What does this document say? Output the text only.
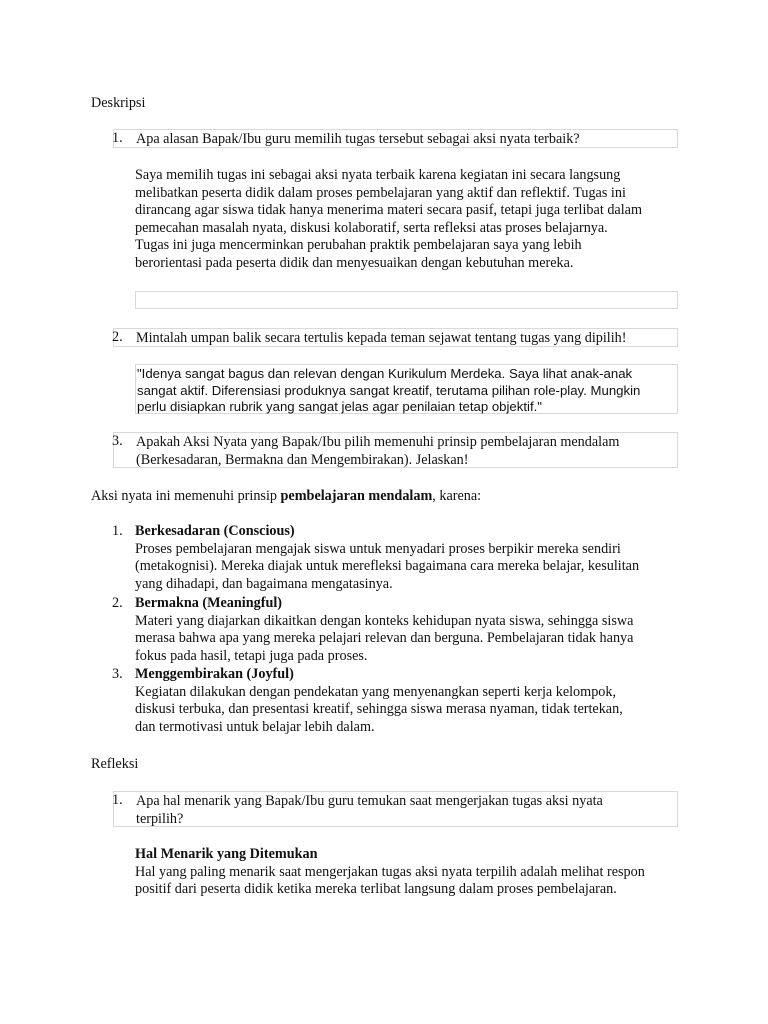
Deskripsi
Apa alasan Bapak/Ibu guru memilih tugas tersebut sebagai aksi nyata terbaik?
1.
Saya memilih tugas ini sebagai aksi nyata terbaik karena kegiatan ini secara langsung
melibatkan peserta didik dalam proses pembelajaran yang aktif dan reflektif. Tugas ini
dirancang agar siswa tidak hanya menerima materi secara pasif, tetapi juga terlibat dalam
pemecahan masalah nyata, diskusi kolaboratif, serta refleksi atas proses belajarnya.
Tugas ini juga mencerminkan perubahan praktik pembelajaran saya yang lebih
berorientasi pada peserta didik dan menyesuaikan dengan kebutuhan mereka.
Mintalah umpan balik secara tertulis kepada teman sejawat tentang tugas yang dipilih!
2.
"Idenya sangat bagus dan relevan dengan Kurikulum Merdeka. Saya lihat anak-anak
sangat aktif. Diferensiasi produknya sangat kreatif, terutama pilihan role-play. Mungkin
perlu disiapkan rubrik yang sangat jelas agar penilaian tetap objektif."
Apakah Aksi Nyata yang Bapak/Ibu pilih memenuhi prinsip pembelajaran mendalam
(Berkesadaran, Bermakna dan Mengembirakan). Jelaskan!
3.
Aksi nyata ini memenuhi prinsip pembelajaran mendalam, karena:
1. Berkesadaran (Conscious)
Proses pembelajaran mengajak siswa untuk menyadari proses berpikir mereka sendiri
(metakognisi). Mereka diajak untuk merefleksi bagaimana cara mereka belajar, kesulitan
yang dihadapi, dan bagaimana mengatasinya.
2. Bermakna (Meaningful)
Materi yang diajarkan dikaitkan dengan konteks kehidupan nyata siswa, sehingga siswa
merasa bahwa apa yang mereka pelajari relevan dan berguna. Pembelajaran tidak hanya
fokus pada hasil, tetapi juga pada proses.
3. Menggembirakan (Joyful)
Kegiatan dilakukan dengan pendekatan yang menyenangkan seperti kerja kelompok,
diskusi terbuka, dan presentasi kreatif, sehingga siswa merasa nyaman, tidak tertekan,
dan termotivasi untuk belajar lebih dalam.
Refleksi
Apa hal menarik yang Bapak/Ibu guru temukan saat mengerjakan tugas aksi nyata
terpilih?
1.
Hal Menarik yang Ditemukan
Hal yang paling menarik saat mengerjakan tugas aksi nyata terpilih adalah melihat respon
positif dari peserta didik ketika mereka terlibat langsung dalam proses pembelajaran.
